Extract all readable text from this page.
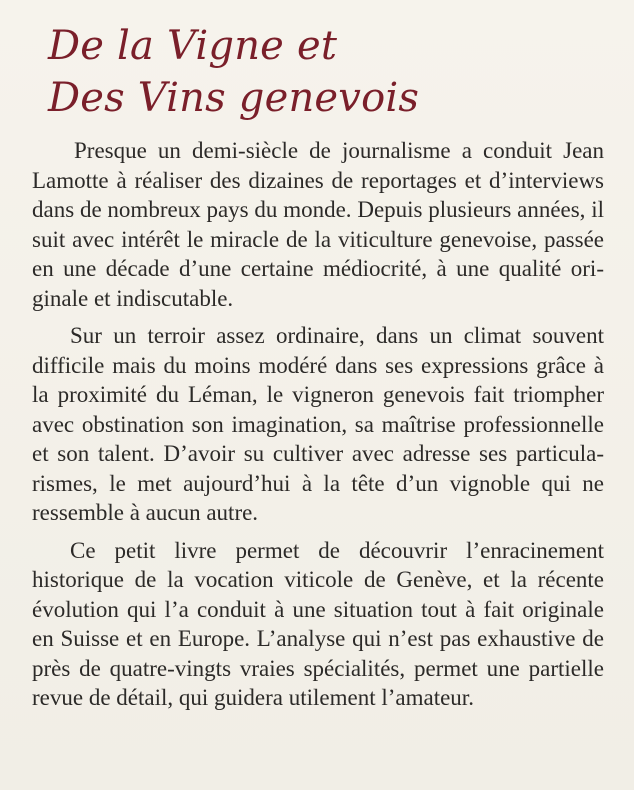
De la Vigne et
Des Vins genevois

Presque un demi-siècle de journalisme a conduit Jean Lamotte à réaliser des dizaines de reportages et d’interviews dans de nombreux pays du monde. Depuis plusieurs années, il suit avec intérêt le miracle de la viticulture genevoise, passée en une décade d’une certaine médiocrité, à une qualité originale et indiscutable.

Sur un terroir assez ordinaire, dans un climat souvent difficile mais du moins modéré dans ses expressions grâce à la proximité du Léman, le vigneron genevois fait triompher avec obstination son imagination, sa maîtrise professionnelle et son talent. D’avoir su cultiver avec adresse ses particularismes, le met aujourd’hui à la tête d’un vignoble qui ne ressemble à aucun autre.

Ce petit livre permet de découvrir l’enracinement historique de la vocation viticole de Genève, et la récente évolution qui l’a conduit à une situation tout à fait originale en Suisse et en Europe. L’analyse qui n’est pas exhaustive de près de quatre-vingts vraies spécialités, permet une partielle revue de détail, qui guidera utilement l’amateur.
